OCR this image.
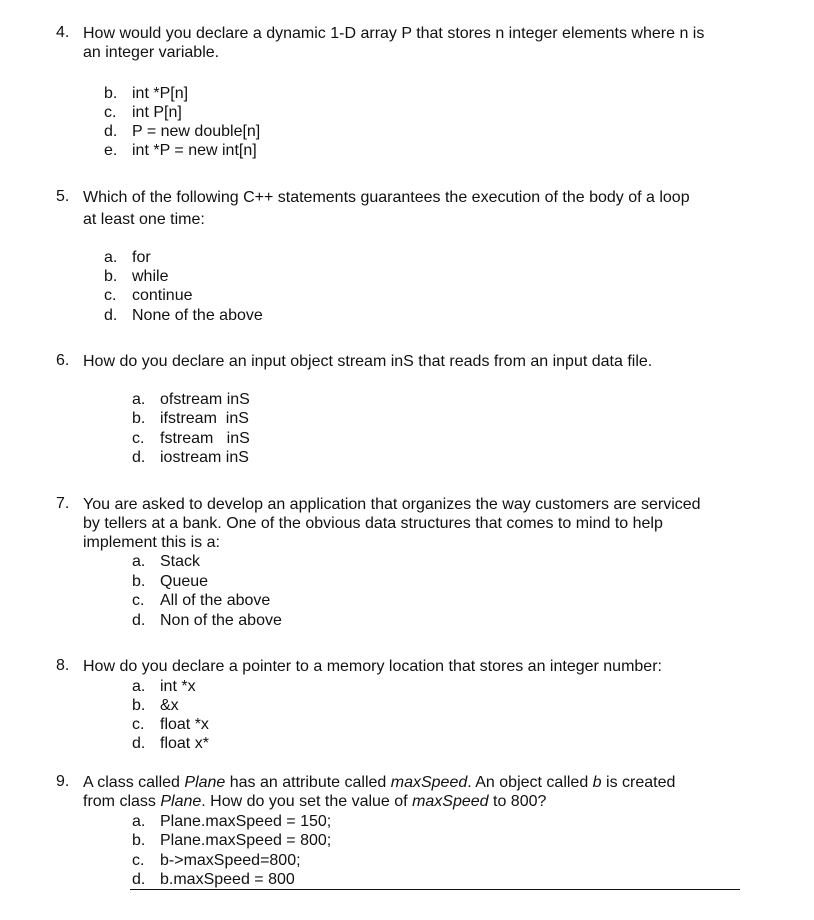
4. How would you declare a dynamic 1-D array P that stores n integer elements where n is
an integer variable.
b. int *P[n]
c. int P[n]
d. P = new double[n]
e. int *P = new int[n]
5. Which of the following C++ statements guarantees the execution of the body of a loop
at least one time:
a. for
b. while
c. continue
d. None of the above
6. How do you declare an input object stream inS that reads from an input data file.
a. ofstream inS
b. ifstream  inS
c. fstream   inS
d. iostream inS
7. You are asked to develop an application that organizes the way customers are serviced
by tellers at a bank. One of the obvious data structures that comes to mind to help
implement this is a:
a. Stack
b. Queue
c. All of the above
d. Non of the above
8. How do you declare a pointer to a memory location that stores an integer number:
a. int *x
b. &x
c. float *x
d. float x*
9. A class called Plane has an attribute called maxSpeed. An object called b is created
from class Plane. How do you set the value of maxSpeed to 800?
a. Plane.maxSpeed = 150;
b. Plane.maxSpeed = 800;
c. b->maxSpeed=800;
d. b.maxSpeed = 800
